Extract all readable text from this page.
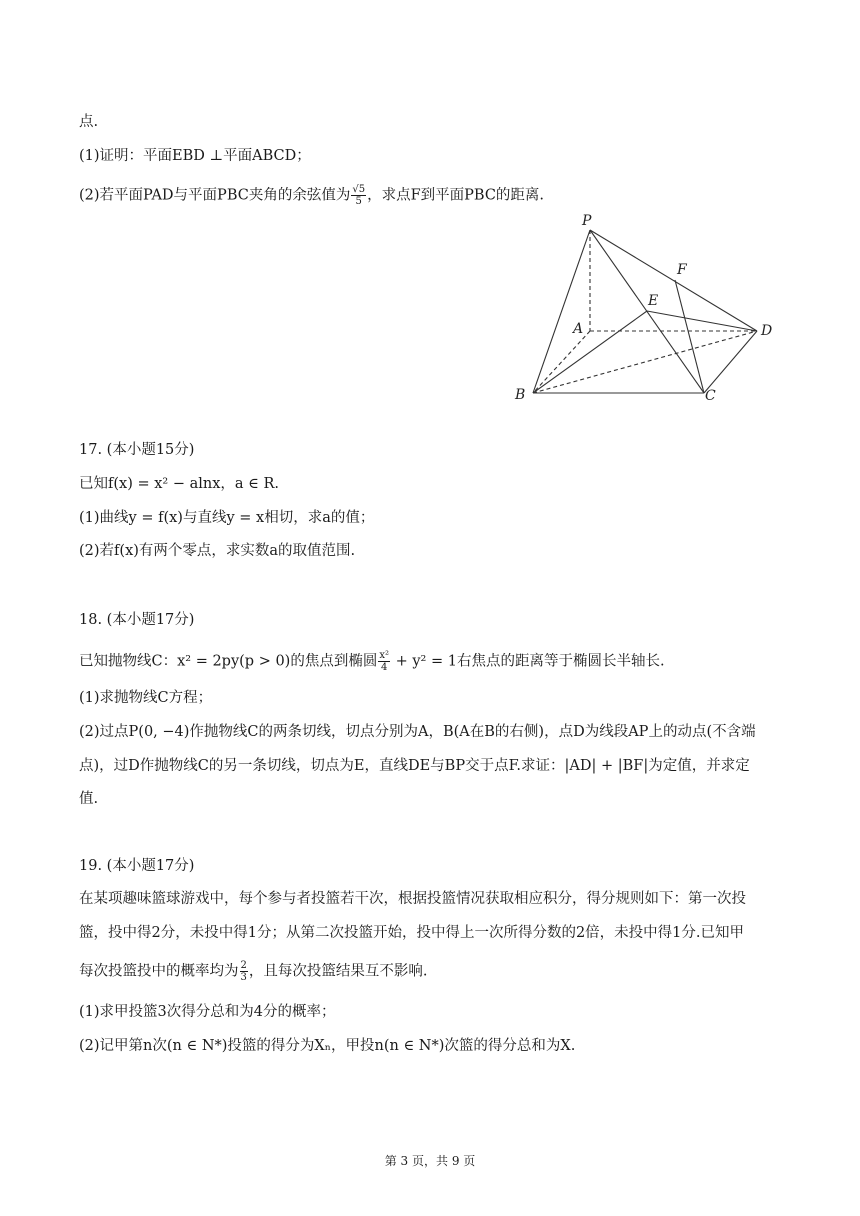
点.
(1)证明：平面EBD ⊥平面ABCD；
(2)若平面PAD与平面PBC夹角的余弦值为 $\frac{√5}{5}$ ，求点F到平面PBC的距离.
P
F
E
A	D
B	C
17. (本小题15分)
已知f(x) = x² − alnx，a ∈ R.
(1)曲线y = f(x)与直线y = x相切，求a的值；
(2)若f(x)有两个零点，求实数a的取值范围.
18. (本小题17分)
已知抛物线C：x² = 2py(p > 0)的焦点到椭圆 $\frac{\text{x²}}{4} + y^2 = 1$右焦点的距离等于椭圆长半轴长.
(1)求抛物线C方程；
(2)过点P(0, −4)作抛物线C的两条切线，切点分别为A，B(A在B的右侧)，点D为线段AP上的动点(不含端
点)，过D作抛物线C的另一条切线，切点为E，直线DE与BP交于点F.求证：|AD| + |BF|为定值，并求定
值.
19. (本小题17分)
在某项趣味篮球游戏中，每个参与者投篮若干次，根据投篮情况获取相应积分，得分规则如下：第一次投
篮，投中得2分，未投中得1分；从第二次投篮开始，投中得上一次所得分数的2倍，未投中得1分.已知甲
每次投篮投中的概率均为 $\frac{2}{3}$ ，且每次投篮结果互不影响.
(1)求甲投篮3次得分总和为4分的概率；
(2)记甲第n次(n ∈ N*)投篮的得分为Xₙ，甲投n(n ∈ N*)次篮的得分总和为X.
第 3 页，共 9 页
